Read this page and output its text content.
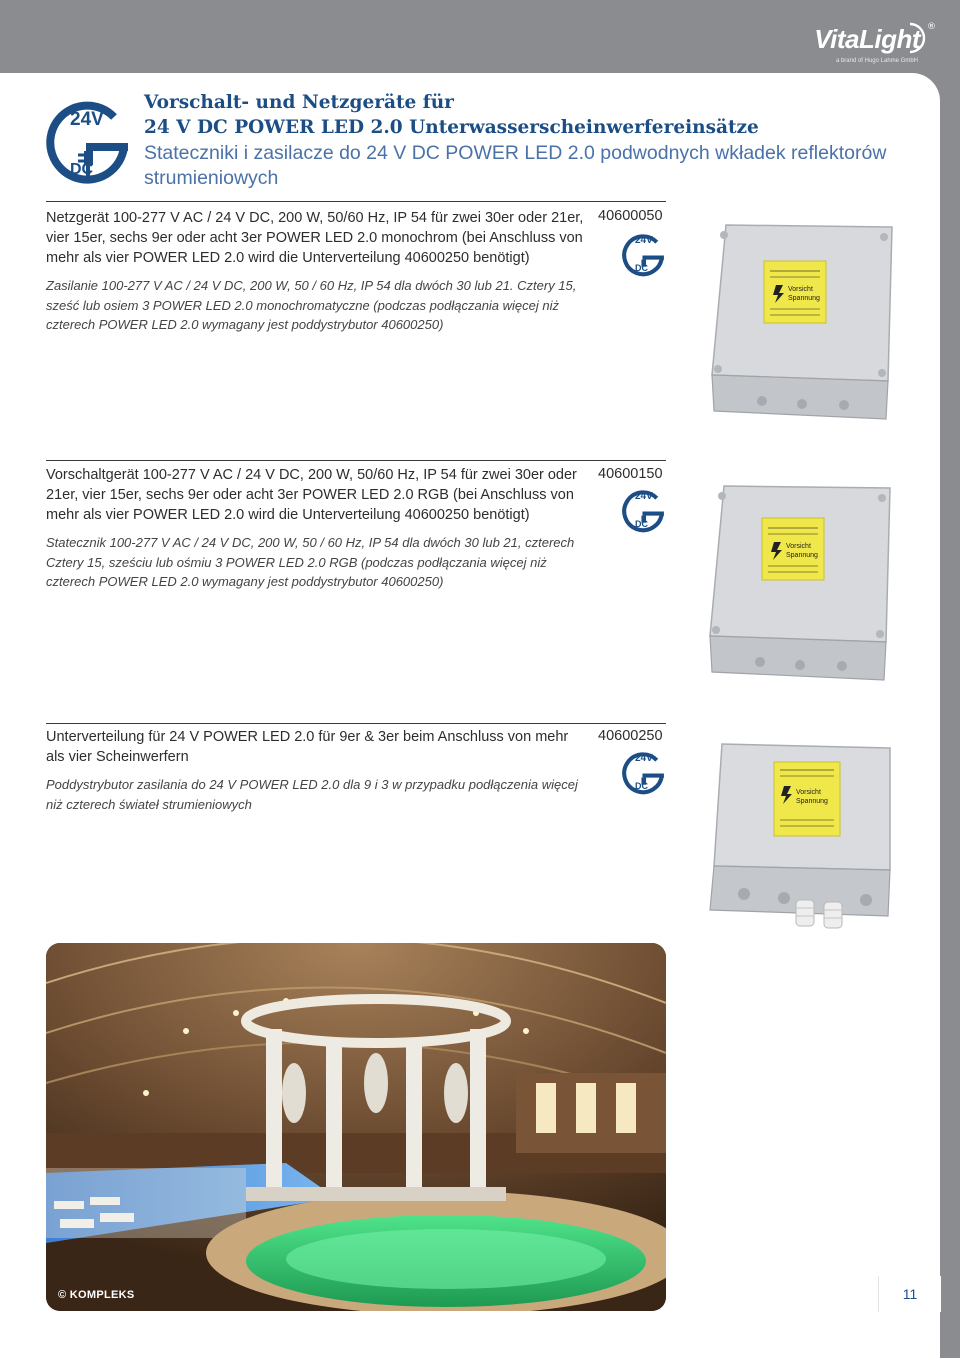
VitaLight ®
a brand of Hugo Lahme GmbH
24V
DC
Vorschalt- und Netzgeräte für
24 V DC POWER LED 2.0 Unterwasserscheinwerfereinsätze
Stateczniki i zasilacze do 24 V DC POWER LED 2.0 podwodnych wkładek reflektorów strumieniowych

Netzgerät 100-277 V AC / 24 V DC, 200 W, 50/60 Hz, IP 54 für zwei 30er oder 21er, vier 15er, sechs 9er oder acht 3er POWER LED 2.0 monochrom (bei Anschluss von mehr als vier POWER LED 2.0 wird die Unterverteilung 40600250 benötigt)

Zasilanie 100-277 V AC / 24 V DC, 200 W, 50 / 60 Hz, IP 54 dla dwóch 30 lub 21. Cztery 15, sześć lub osiem 3 POWER LED 2.0 monochromatyczne (podczas podłączania więcej niż czterech POWER LED 2.0 wymagany jest poddystrybutor 40600250)

40600050
24V
DC
Vorsicht
Spannung

Vorschaltgerät 100-277 V AC / 24 V DC, 200 W, 50/60 Hz, IP 54 für zwei 30er oder 21er, vier 15er, sechs 9er oder acht 3er POWER LED 2.0 RGB (bei Anschluss von mehr als vier POWER LED 2.0 wird die Unterverteilung 40600250 benötigt)

Statecznik 100-277 V AC / 24 V DC, 200 W, 50 / 60 Hz, IP 54 dla dwóch 30 lub 21, czterech Cztery 15, sześciu lub ośmiu 3 POWER LED 2.0 RGB (podczas podłączania więcej niż czterech POWER LED 2.0 wymagany jest poddystrybutor 40600250)

40600150
24V
DC
Vorsicht
Spannung

Unterverteilung für 24 V POWER LED 2.0 für 9er & 3er beim Anschluss von mehr als vier Scheinwerfern

Poddystrybutor zasilania do 24 V POWER LED 2.0 dla 9 i 3 w przypadku podłączenia więcej niż czterech świateł strumieniowych

40600250
24V
DC
Vorsicht
Spannung
© KOMPLEKS	11
